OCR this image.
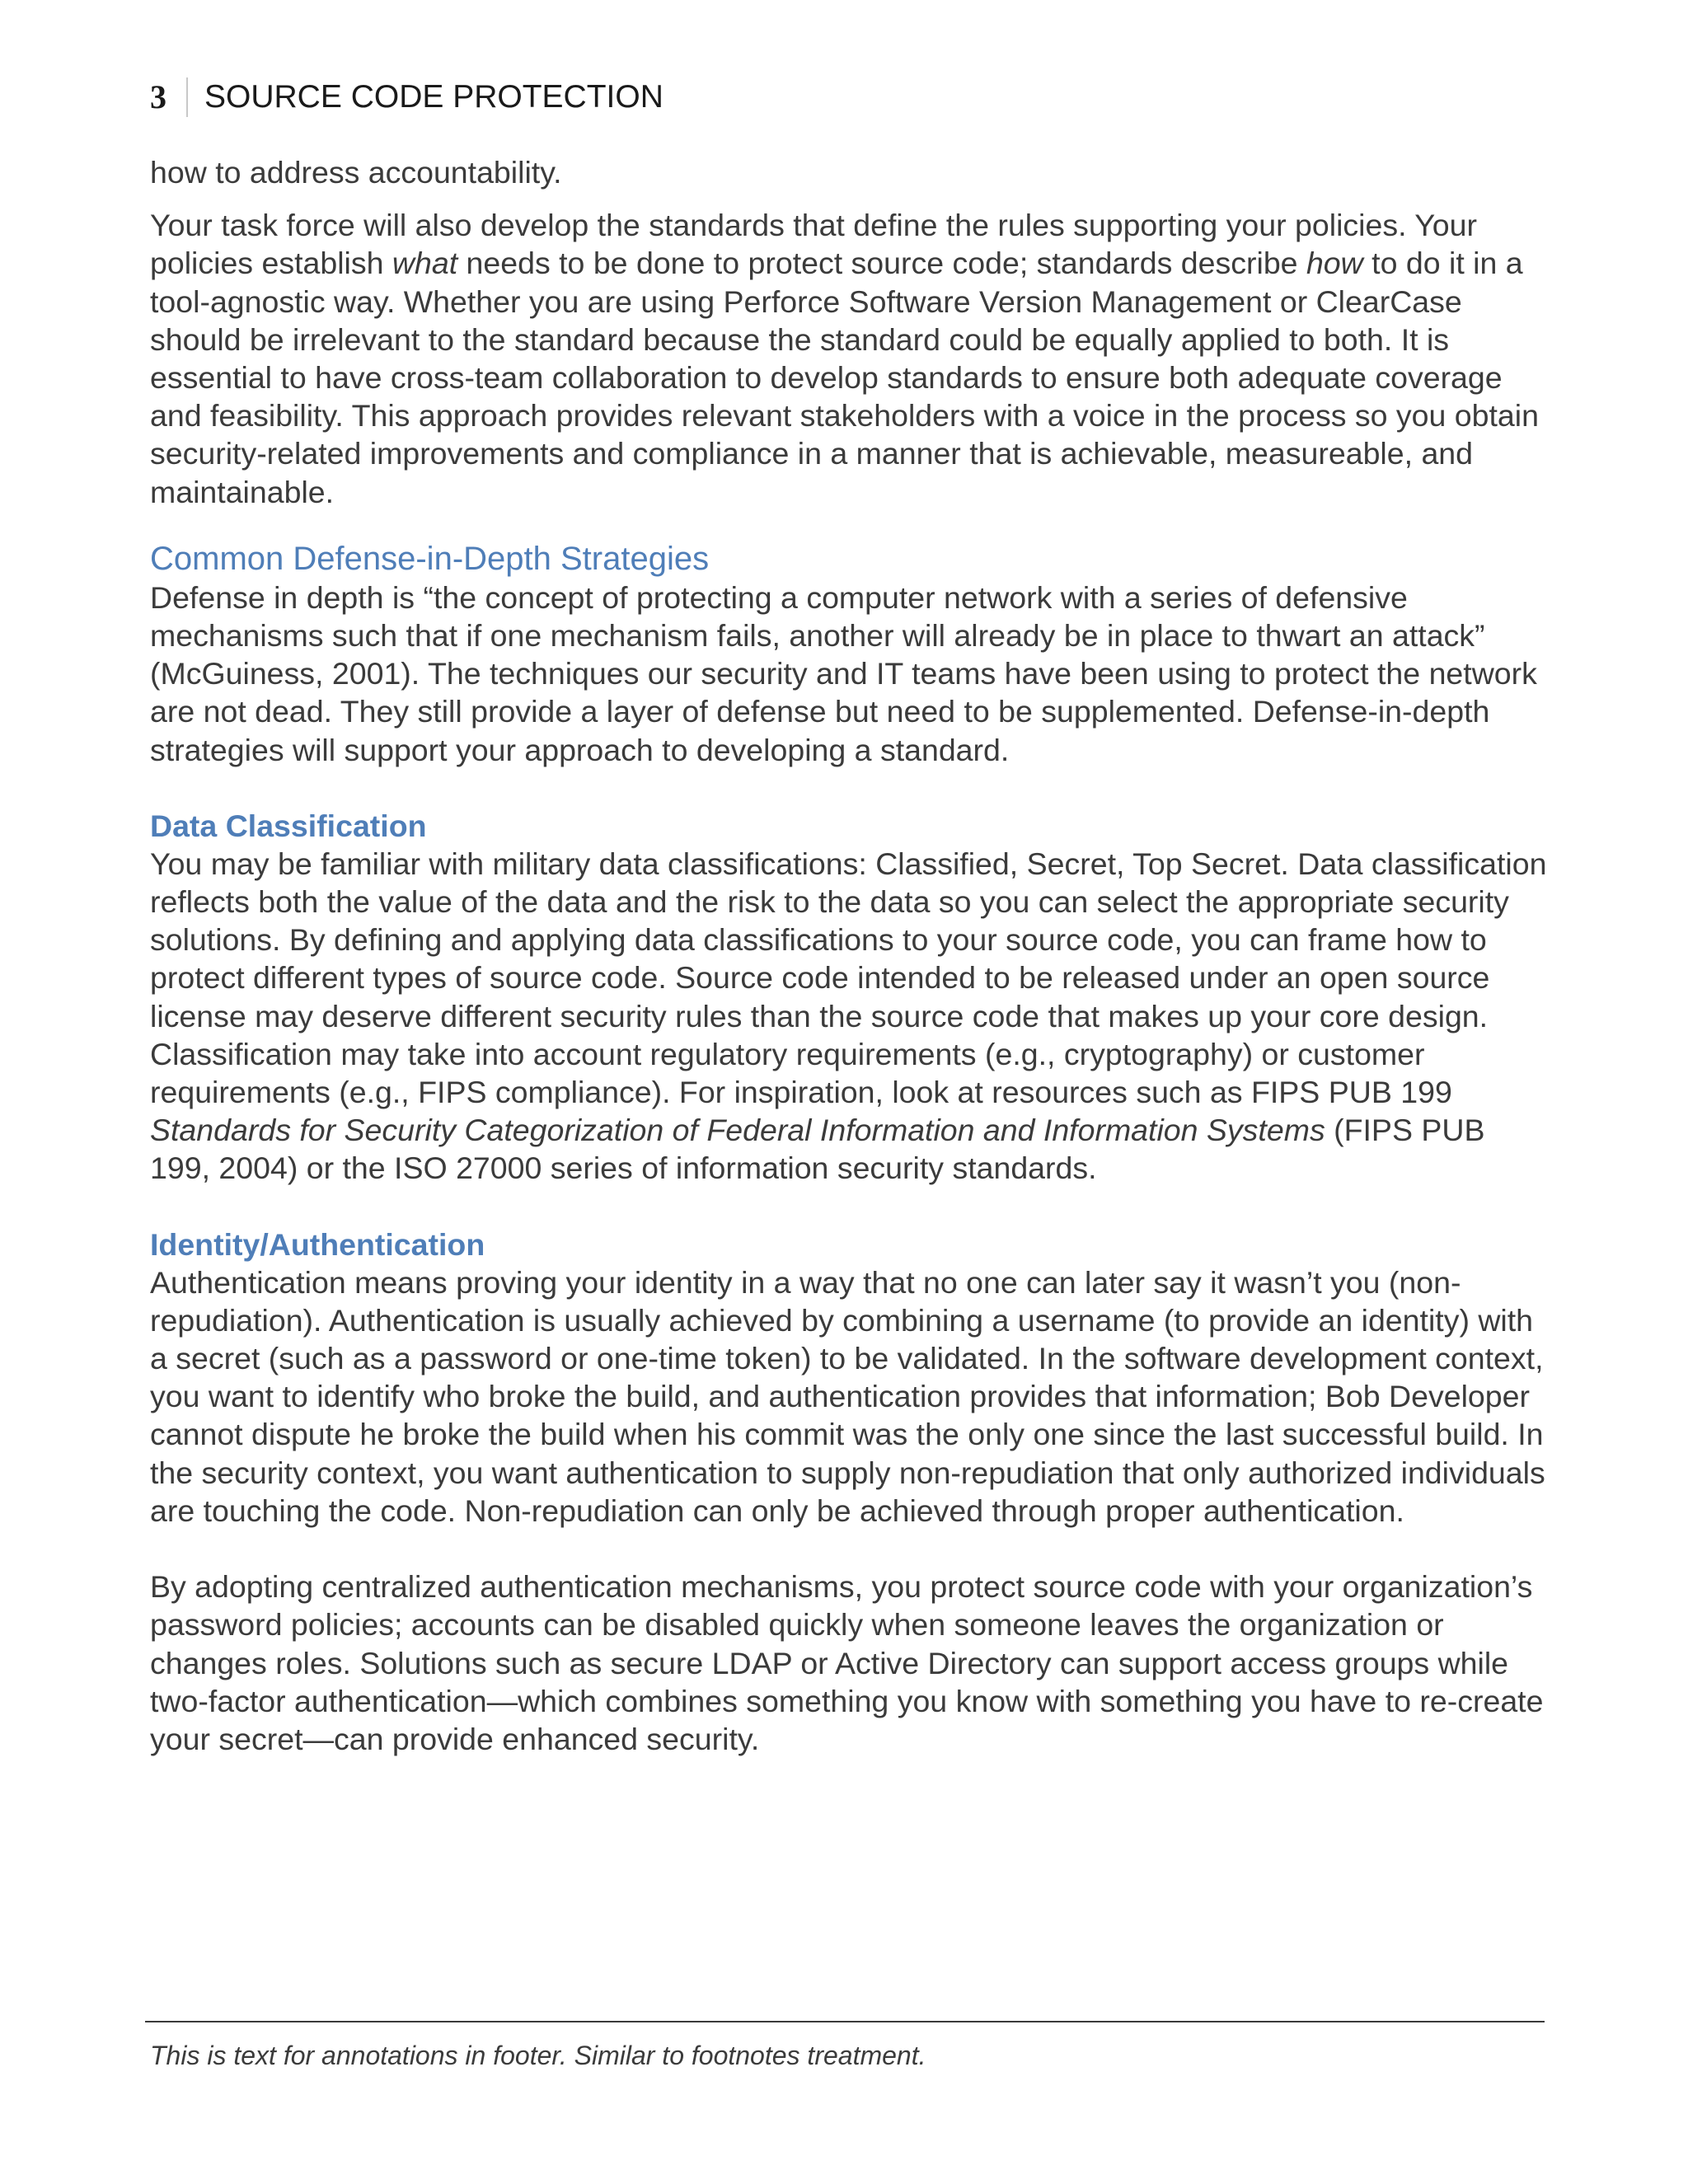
3	SOURCE CODE PROTECTION

how to address accountability.

Your task force will also develop the standards that define the rules supporting your policies. Your policies establish what needs to be done to protect source code; standards describe how to do it in a tool-agnostic way. Whether you are using Perforce Software Version Management or ClearCase should be irrelevant to the standard because the standard could be equally applied to both. It is essential to have cross-team collaboration to develop standards to ensure both adequate coverage and feasibility. This approach provides relevant stakeholders with a voice in the process so you obtain security-related improvements and compliance in a manner that is achievable, measureable, and maintainable.

Common Defense-in-Depth Strategies

Defense in depth is “the concept of protecting a computer network with a series of defensive mechanisms such that if one mechanism fails, another will already be in place to thwart an attack” (McGuiness, 2001). The techniques our security and IT teams have been using to protect the network are not dead. They still provide a layer of defense but need to be supplemented. Defense-in-depth strategies will support your approach to developing a standard.

Data Classification

You may be familiar with military data classifications: Classified, Secret, Top Secret. Data classification reflects both the value of the data and the risk to the data so you can select the appropriate security solutions. By defining and applying data classifications to your source code, you can frame how to protect different types of source code. Source code intended to be released under an open source license may deserve different security rules than the source code that makes up your core design. Classification may take into account regulatory requirements (e.g., cryptography) or customer requirements (e.g., FIPS compliance). For inspiration, look at resources such as FIPS PUB 199 Standards for Security Categorization of Federal Information and Information Systems (FIPS PUB 199, 2004) or the ISO 27000 series of information security standards.

Identity/Authentication

Authentication means proving your identity in a way that no one can later say it wasn’t you (non-repudiation). Authentication is usually achieved by combining a username (to provide an identity) with a secret (such as a password or one-time token) to be validated. In the software development context, you want to identify who broke the build, and authentication provides that information; Bob Developer cannot dispute he broke the build when his commit was the only one since the last successful build. In the security context, you want authentication to supply non-repudiation that only authorized individuals are touching the code. Non-repudiation can only be achieved through proper authentication.

By adopting centralized authentication mechanisms, you protect source code with your organization’s password policies; accounts can be disabled quickly when someone leaves the organization or changes roles. Solutions such as secure LDAP or Active Directory can support access groups while two-factor authentication—which combines something you know with something you have to re-create your secret—can provide enhanced security.

This is text for annotations in footer. Similar to footnotes treatment.
